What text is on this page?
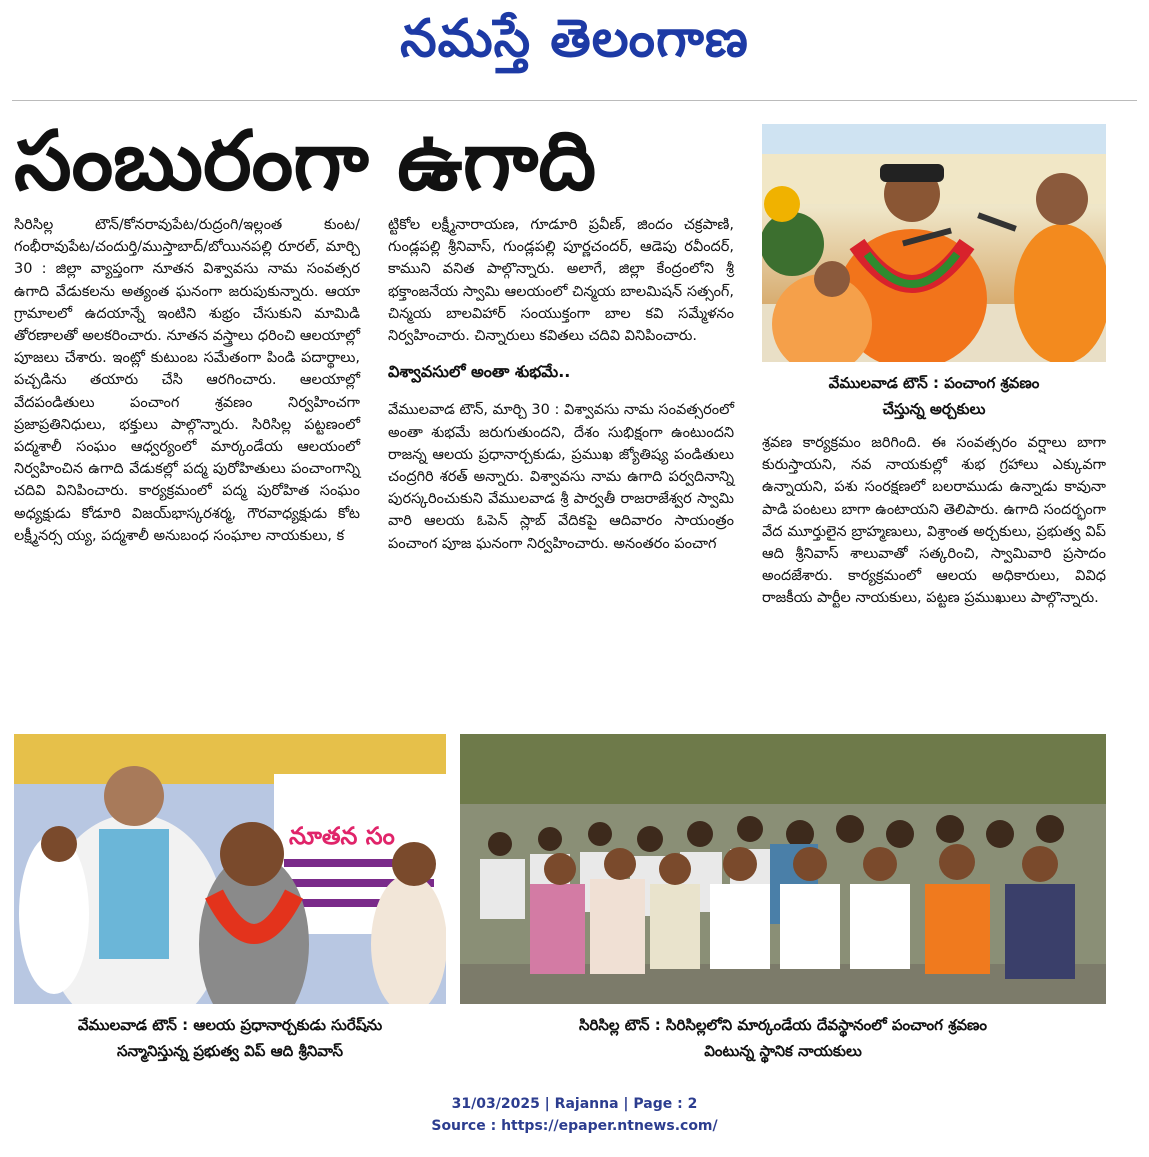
నమస్తే తెలంగాణ
సంబురంగా ఉగాది

సిరిసిల్ల టౌన్‌/కోనరావుపేట/రుద్రంగి/ఇల్లంత కుంట/గంభీరావుపేట/చందుర్తి/ముస్తాబాద్‌/బోయినపల్లి రూరల్‌, మార్చి 30 : జిల్లా వ్యాప్తంగా నూతన విశ్వావసు నామ సంవత్సర ఉగాది వేడుకలను అత్యంత ఘనంగా జరుపుకున్నారు. ఆయా గ్రామాలలో ఉదయాన్నే ఇంటిని శుభ్రం చేసుకుని మామిడి తోరణాలతో అలకరించారు. నూతన వస్త్రాలు ధరించి ఆలయాల్లో పూజలు చేశారు. ఇంట్లో కుటుంబ సమేతంగా పిండి పదార్థాలు, పచ్చడిను తయారు చేసి ఆరగించారు. ఆలయాల్లో వేదపండితులు పంచాంగ శ్రవణం నిర్వహించగా ప్రజాప్రతినిధులు, భక్తులు పాల్గొన్నారు. సిరిసిల్ల పట్టణంలో పద్మశాలీ సంఘం ఆధ్వర్యంలో మార్కండేయ ఆలయంలో నిర్వహించిన ఉగాది వేడుకల్లో పద్మ పురోహితులు పంచాంగాన్ని చదివి వినిపించారు. కార్యక్రమంలో పద్మ పురోహిత సంఘం అధ్యక్షుడు కోడూరి విజయ్‌భాస్కరశర్మ, గౌరవాధ్యక్షుడు కోట లక్ష్మీనర్స య్య, పద్మశాలీ అనుబంధ సంఘాల నాయకులు, క

ట్టికోల లక్ష్మీనారాయణ, గూడూరి ప్రవీణ్‌, జిందం చక్రపాణి, గుండ్లపల్లి శ్రీనివాస్‌, గుండ్లపల్లి పూర్ణచందర్‌, ఆడెపు రవీందర్‌, కాముని వనిత పాల్గొన్నారు. అలాగే, జిల్లా కేంద్రంలోని శ్రీ భక్తాంజనేయ స్వామి ఆలయంలో చిన్మయ బాలమిషన్‌ సత్సంగ్‌, చిన్మయ బాలవిహార్‌ సంయుక్తంగా బాల కవి సమ్మేళనం నిర్వహించారు. చిన్నారులు కవితలు చదివి వినిపించారు.

విశ్వావసులో అంతా శుభమే..

వేములవాడ టౌన్‌, మార్చి 30 : విశ్వావసు నామ సంవత్సరంలో అంతా శుభమే జరుగుతుందని, దేశం సుభిక్షంగా ఉంటుందని రాజన్న ఆలయ ప్రధానార్చకుడు, ప్రముఖ జ్యోతిష్య పండితులు చంద్రగిరి శరత్‌ అన్నారు. విశ్వావసు నామ ఉగాది పర్వదినాన్ని పురస్కరించుకుని వేములవాడ శ్రీ పార్వతీ రాజరాజేశ్వర స్వామి వారి ఆలయ ఓపెన్‌ స్లాబ్‌ వేదికపై ఆదివారం సాయంత్రం పంచాంగ పూజ ఘనంగా నిర్వహించారు. అనంతరం పంచాగ

వేములవాడ టౌన్‌ : పంచాంగ శ్రవణం
చేస్తున్న అర్చకులు

శ్రవణ కార్యక్రమం జరిగింది. ఈ సంవత్సరం వర్షాలు బాగా కురుస్తాయని, నవ నాయకుల్లో శుభ గ్రహాలు ఎక్కువగా ఉన్నాయని, పశు సంరక్షణలో బలరాముడు ఉన్నాడు కావునా పాడి పంటలు బాగా ఉంటాయని తెలిపారు. ఉగాది సందర్భంగా వేద మూర్తులైన బ్రాహ్మణులు, విశ్రాంత అర్చకులు, ప్రభుత్వ విప్‌ ఆది శ్రీనివాస్‌ శాలువాతో సత్కరించి, స్వామివారి ప్రసాదం అందజేశారు. కార్యక్రమంలో ఆలయ అధికారులు, వివిధ రాజకీయ పార్టీల నాయకులు, పట్టణ ప్రముఖులు పాల్గొన్నారు.

నూతన సం
వేములవాడ టౌన్‌ : ఆలయ ప్రధానార్చకుడు సురేష్‌ను
సన్మానిస్తున్న ప్రభుత్వ విప్‌ ఆది శ్రీనివాస్‌
సిరిసిల్ల టౌన్‌ : సిరిసిల్లలోని మార్కండేయ దేవస్థానంలో పంచాంగ శ్రవణం
వింటున్న స్థానిక నాయకులు
31/03/2025 | Rajanna | Page : 2
Source : https://epaper.ntnews.com/
